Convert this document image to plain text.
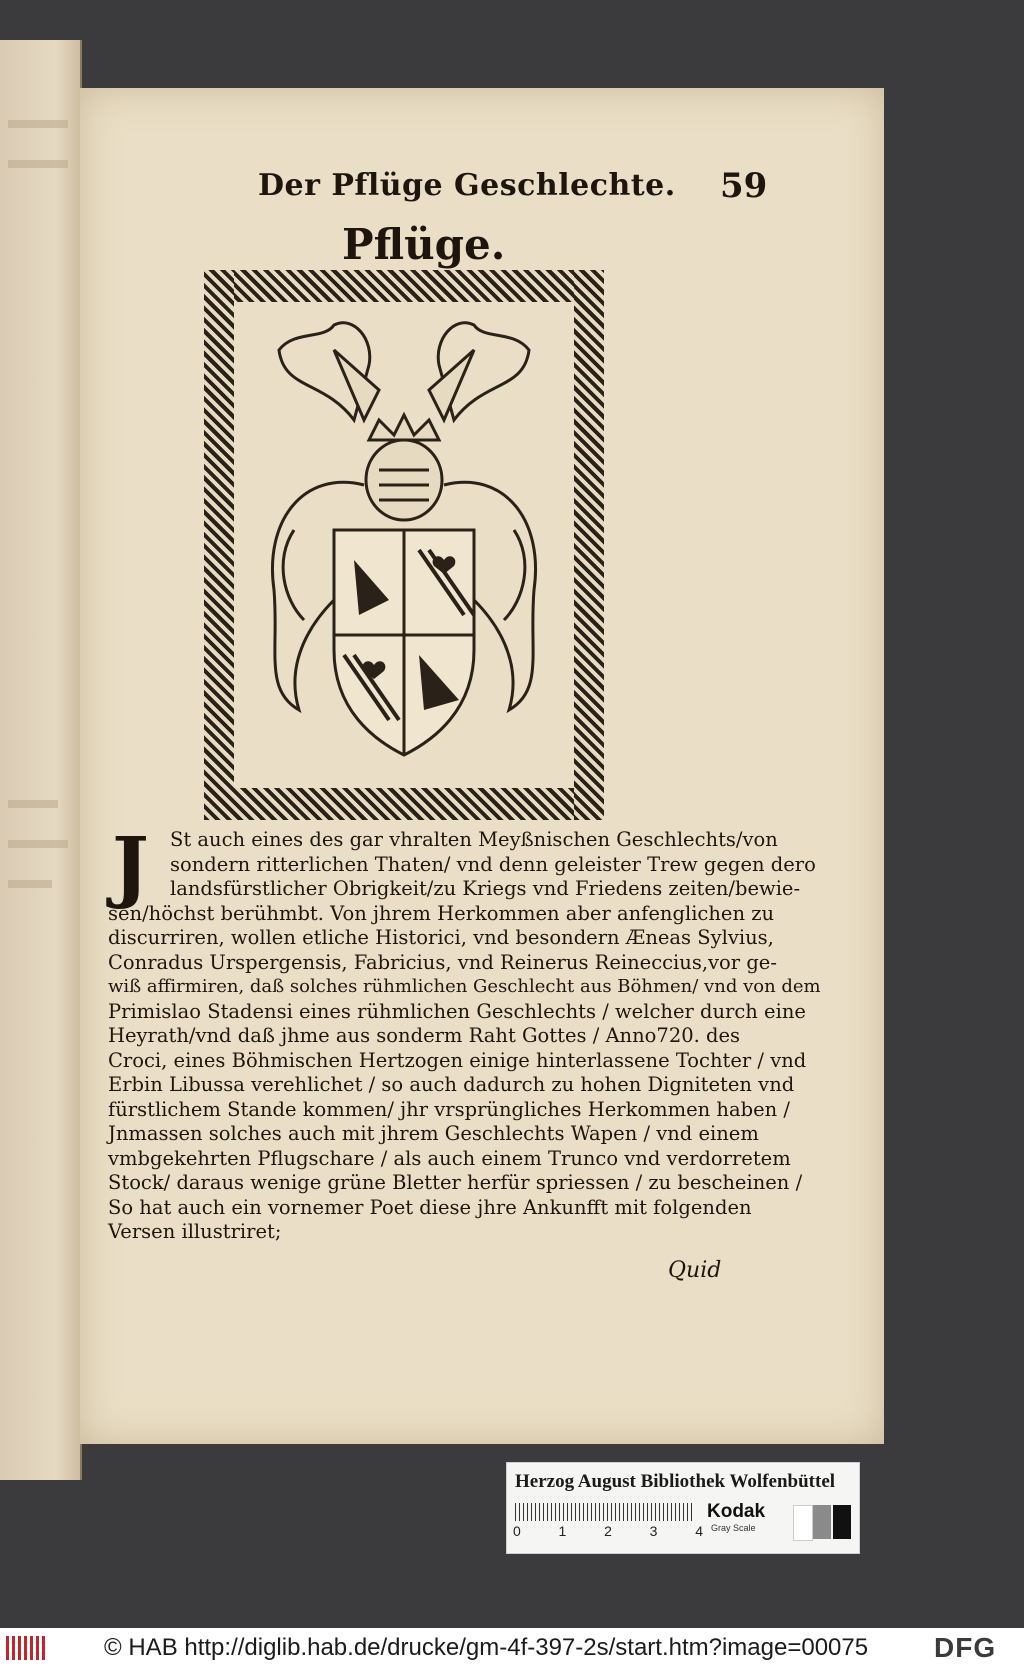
Der Pflüge Geschlechte. 59
Pflüge.
J	St auch eines des gar vhralten Meyßnischen Geschlechts/von
sondern ritterlichen Thaten/ vnd denn geleister Trew gegen dero
landsfürstlicher Obrigkeit/zu Kriegs vnd Friedens zeiten/bewie-
sen/höchst berühmbt. Von jhrem Herkommen aber anfenglichen zu
discurriren, wollen etliche Historici, vnd besondern Æneas Sylvius,
Conradus Urspergensis, Fabricius, vnd Reinerus Reineccius,vor ge-
wiß affirmiren, daß solches rühmlichen Geschlecht aus Böhmen/ vnd von dem
Primislao Stadensi eines rühmlichen Geschlechts / welcher durch eine
Heyrath/vnd daß jhme aus sonderm Raht Gottes / Anno720. des
Croci, eines Böhmischen Hertzogen einige hinterlassene Tochter / vnd
Erbin Libussa verehlichet / so auch dadurch zu hohen Digniteten vnd
fürstlichem Stande kommen/ jhr vrsprüngliches Herkommen haben /
Jnmassen solches auch mit jhrem Geschlechts Wapen / vnd einem
vmbgekehrten Pflugschare / als auch einem Trunco vnd verdorretem
Stock/ daraus wenige grüne Bletter herfür spriessen / zu bescheinen /
So hat auch ein vornemer Poet diese jhre Ankunfft mit folgenden
Versen illustriret;
Quid
Herzog August Bibliothek Wolfenbüttel
0	1	2	3	4
Kodak
Gray Scale
© HAB http://diglib.hab.de/drucke/gm-4f-397-2s/start.htm?image=00075 DFG
